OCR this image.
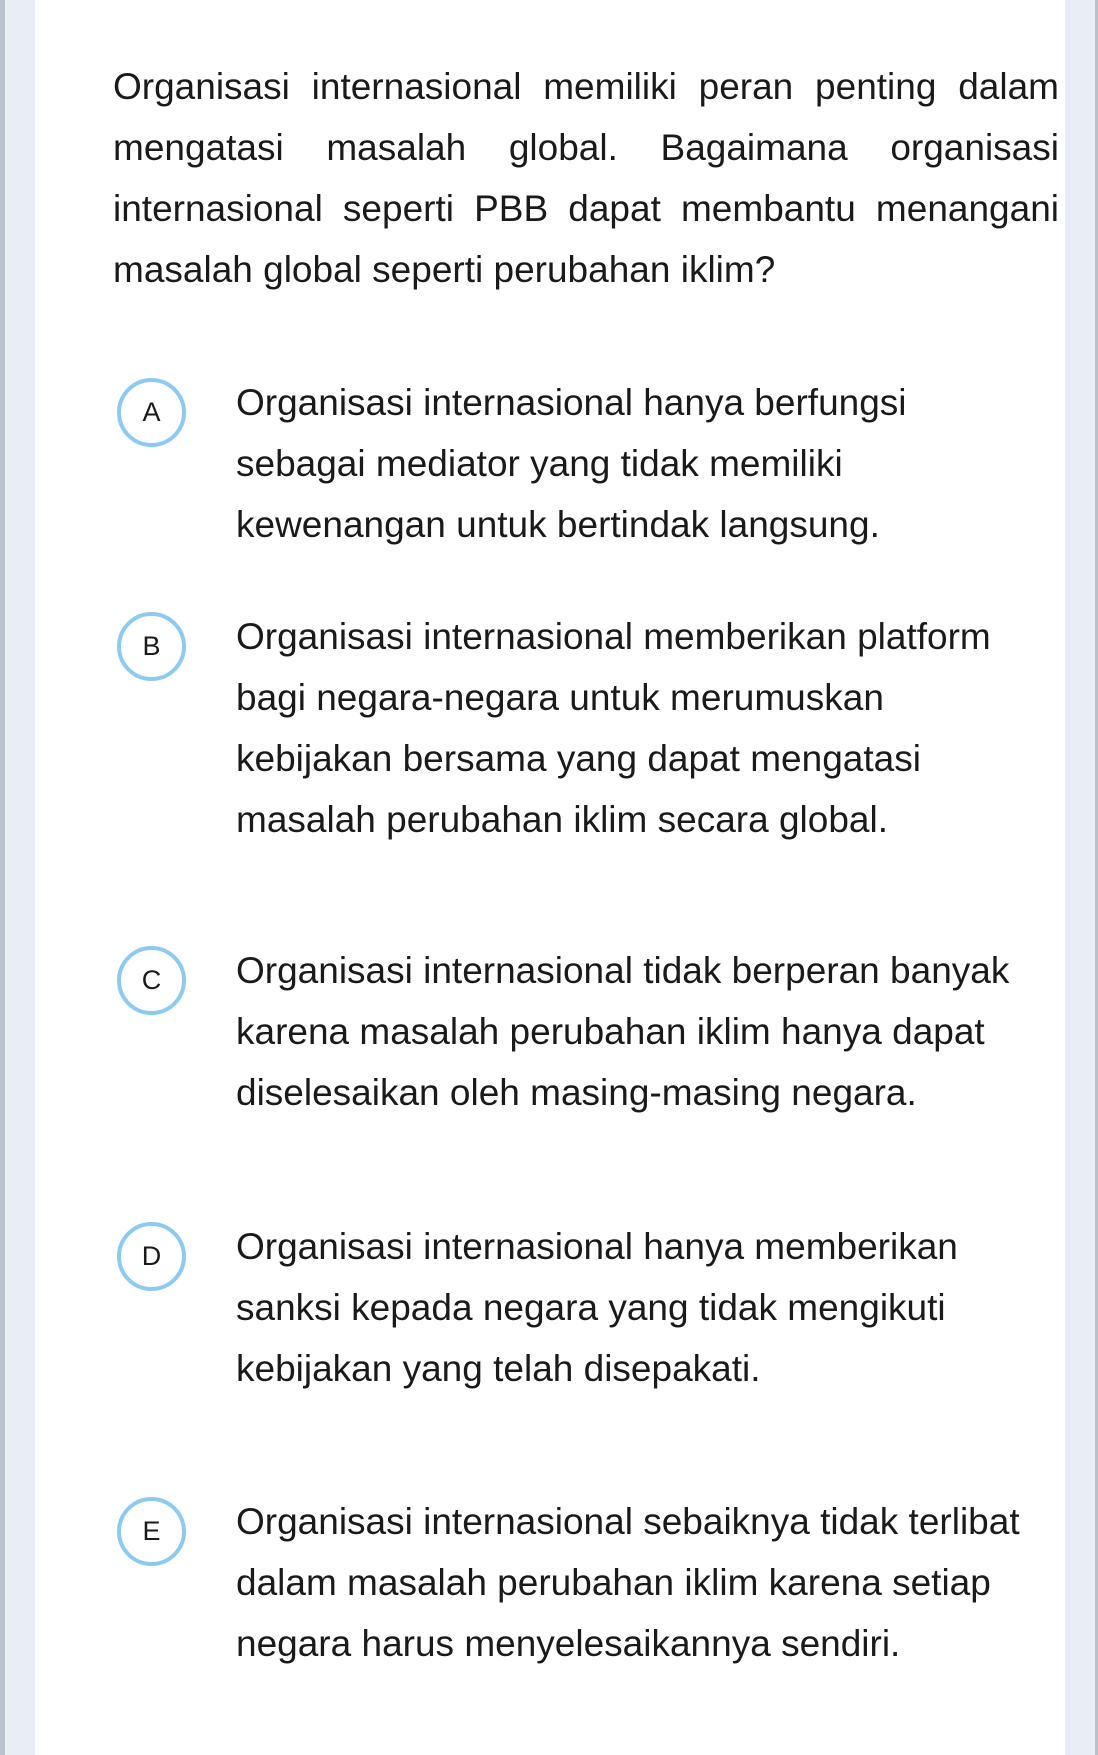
Organisasi internasional memiliki peran penting dalam mengatasi masalah global. Bagaimana organisasi internasional seperti PBB dapat membantu menangani masalah global seperti perubahan iklim?

A Organisasi internasional hanya berfungsi sebagai mediator yang tidak memiliki kewenangan untuk bertindak langsung.

B Organisasi internasional memberikan platform bagi negara-negara untuk merumuskan kebijakan bersama yang dapat mengatasi masalah perubahan iklim secara global.

C Organisasi internasional tidak berperan banyak karena masalah perubahan iklim hanya dapat diselesaikan oleh masing-masing negara.

D Organisasi internasional hanya memberikan sanksi kepada negara yang tidak mengikuti kebijakan yang telah disepakati.

E Organisasi internasional sebaiknya tidak terlibat dalam masalah perubahan iklim karena setiap negara harus menyelesaikannya sendiri.
